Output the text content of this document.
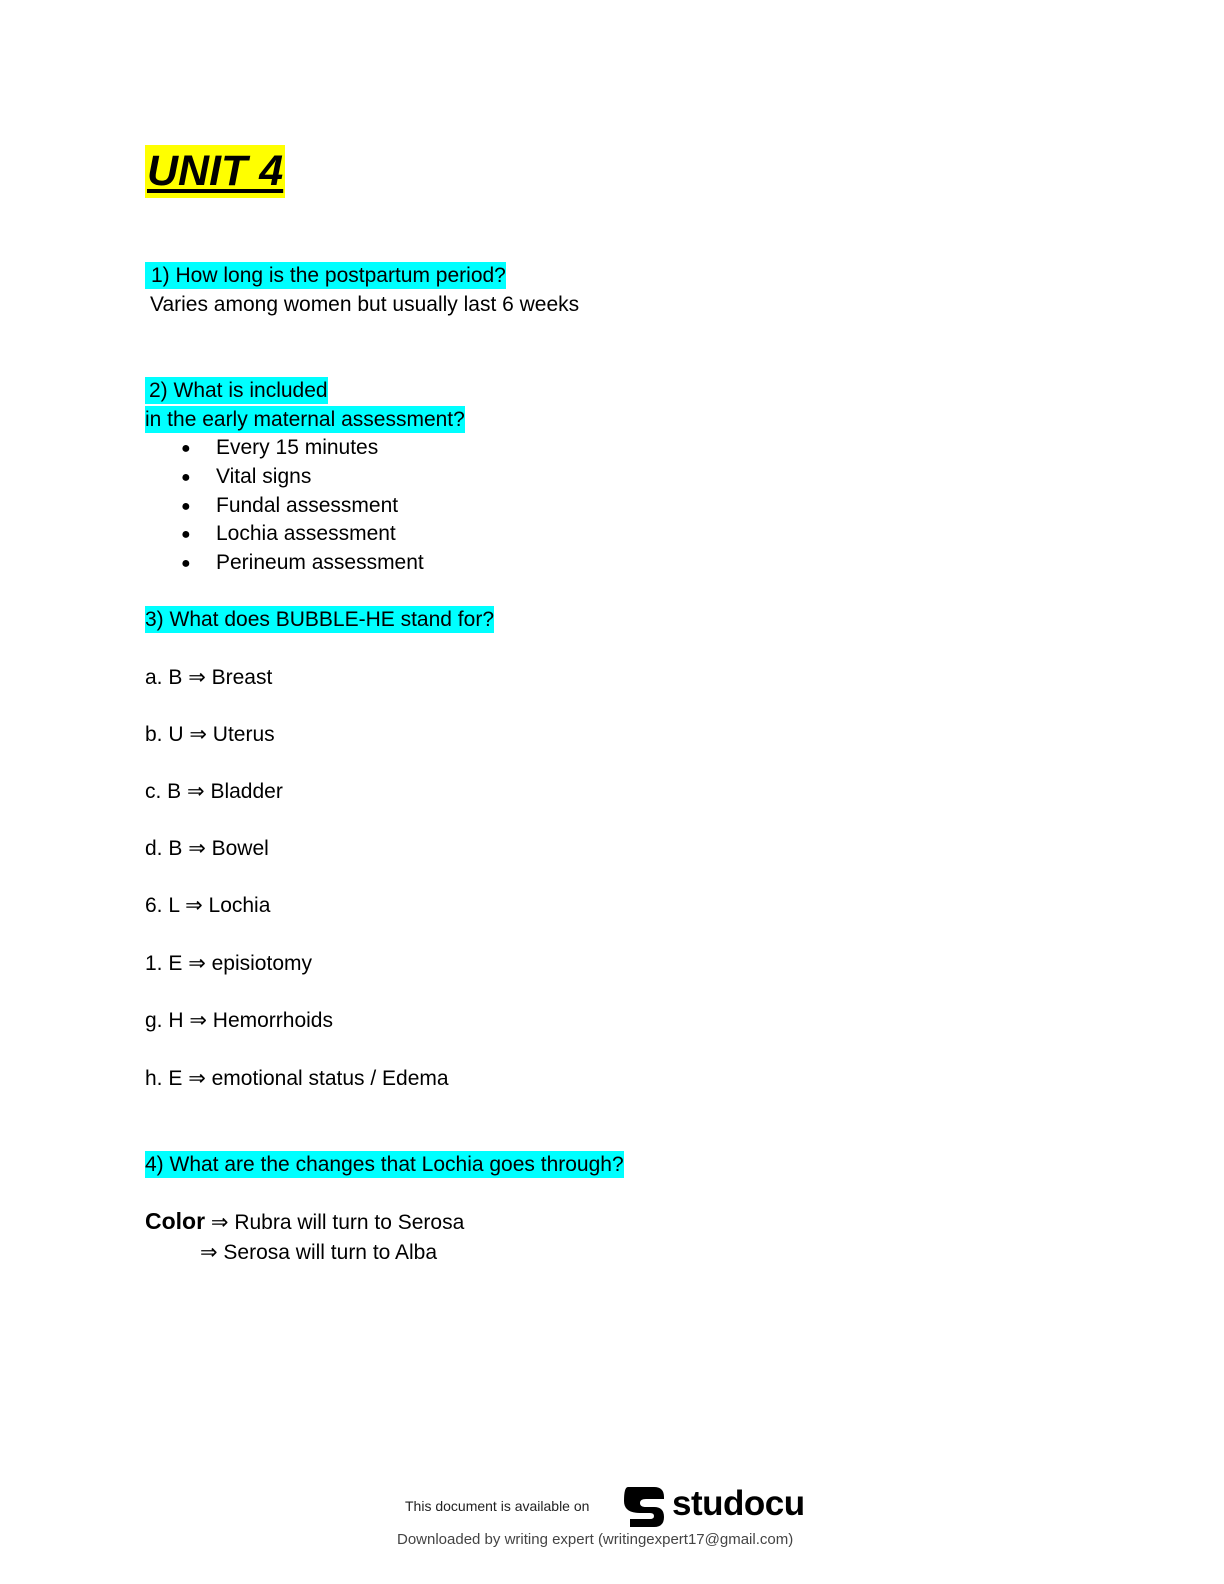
UNIT 4
1) How long is the postpartum period?
Varies among women but usually last 6 weeks
2) What is included
in the early maternal assessment?
● Every 15 minutes
● Vital signs
● Fundal assessment
● Lochia assessment
● Perineum assessment
3) What does BUBBLE-HE stand for?
a. B ⇒ Breast
b. U ⇒ Uterus
c. B ⇒ Bladder
d. B ⇒ Bowel
6. L ⇒ Lochia
1. E ⇒ episiotomy
g. H ⇒ Hemorrhoids
h. E ⇒ emotional status / Edema
4) What are the changes that Lochia goes through?
Color ⇒ Rubra will turn to Serosa
⇒ Serosa will turn to Alba
This document is available on studocu
Downloaded by writing expert (writingexpert17@gmail.com)
